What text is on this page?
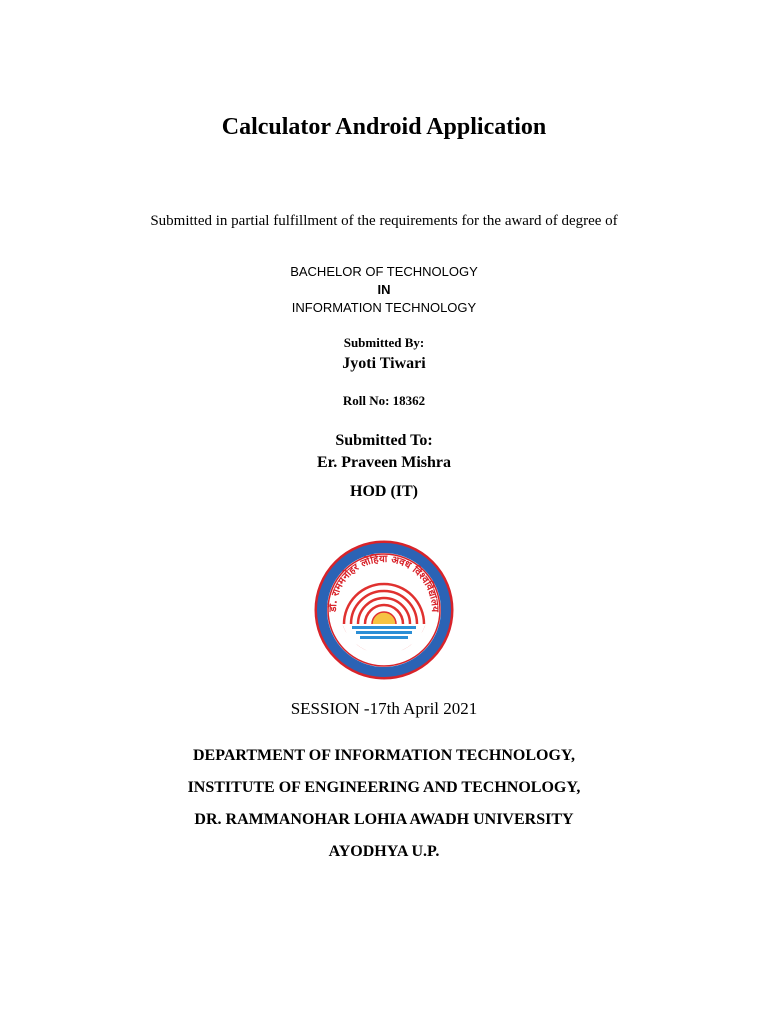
Calculator Android Application
Submitted in partial fulfillment of the requirements for the award of degree of
BACHELOR OF TECHNOLOGY
IN
INFORMATION TECHNOLOGY
Submitted By:
Jyoti Tiwari
Roll No: 18362
Submitted To:
Er. Praveen Mishra
HOD (IT)
डॉ. राममनोहर लोहिया अवध विश्वविद्यालय
SESSION -17th April 2021
DEPARTMENT OF INFORMATION TECHNOLOGY,
INSTITUTE OF ENGINEERING AND TECHNOLOGY,
DR. RAMMANOHAR LOHIA AWADH UNIVERSITY
AYODHYA U.P.
